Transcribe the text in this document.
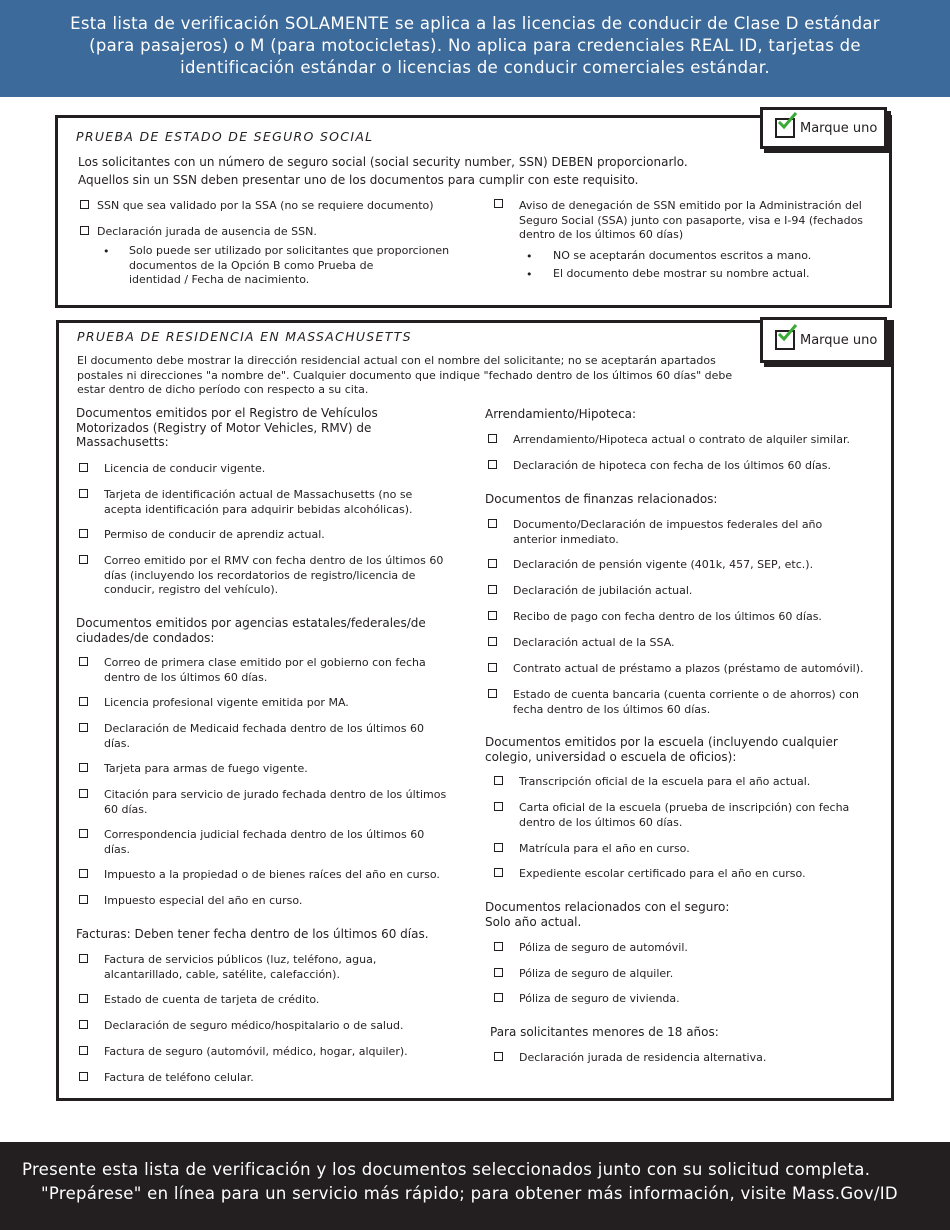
Esta lista de verificación SOLAMENTE se aplica a las licencias de conducir de Clase D estándar
(para pasajeros) o M (para motocicletas). No aplica para credenciales REAL ID, tarjetas de
identificación estándar o licencias de conducir comerciales estándar.
Marque uno
PRUEBA DE ESTADO DE SEGURO SOCIAL
Los solicitantes con un número de seguro social (social security number, SSN) DEBEN proporcionarlo.
Aquellos sin un SSN deben presentar uno de los documentos para cumplir con este requisito.
SSN que sea validado por la SSA (no se requiere documento)
Declaración jurada de ausencia de SSN.
• Solo puede ser utilizado por solicitantes que proporcionen
documentos de la Opción B como Prueba de
identidad / Fecha de nacimiento.
Aviso de denegación de SSN emitido por la Administración del
Seguro Social (SSA) junto con pasaporte, visa e I-94 (fechados
dentro de los últimos 60 días)
• NO se aceptarán documentos escritos a mano.
• El documento debe mostrar su nombre actual.
Marque uno
PRUEBA DE RESIDENCIA EN MASSACHUSETTS
El documento debe mostrar la dirección residencial actual con el nombre del solicitante; no se aceptarán apartados
postales ni direcciones "a nombre de". Cualquier documento que indique "fechado dentro de los últimos 60 días" debe
estar dentro de dicho período con respecto a su cita.
Presente esta lista de verificación y los documentos seleccionados junto con su solicitud completa.
"Prepárese" en línea para un servicio más rápido; para obtener más información, visite Mass.Gov/ID
Documentos emitidos por el Registro de Vehículos
Motorizados (Registry of Motor Vehicles, RMV) de
Massachusetts:
Licencia de conducir vigente.
Tarjeta de identificación actual de Massachusetts (no se
acepta identificación para adquirir bebidas alcohólicas).
Permiso de conducir de aprendiz actual.
Correo emitido por el RMV con fecha dentro de los últimos 60
días (incluyendo los recordatorios de registro/licencia de
conducir, registro del vehículo).
Documentos emitidos por agencias estatales/federales/de
ciudades/de condados:
Correo de primera clase emitido por el gobierno con fecha
dentro de los últimos 60 días.
Licencia profesional vigente emitida por MA.
Declaración de Medicaid fechada dentro de los últimos 60
días.
Tarjeta para armas de fuego vigente.
Citación para servicio de jurado fechada dentro de los últimos
60 días.
Correspondencia judicial fechada dentro de los últimos 60
días.
Impuesto a la propiedad o de bienes raíces del año en curso.
Impuesto especial del año en curso.
Facturas: Deben tener fecha dentro de los últimos 60 días.
Factura de servicios públicos (luz, teléfono, agua,
alcantarillado, cable, satélite, calefacción).
Estado de cuenta de tarjeta de crédito.
Declaración de seguro médico/hospitalario o de salud.
Factura de seguro (automóvil, médico, hogar, alquiler).
Factura de teléfono celular.
Arrendamiento/Hipoteca:
Arrendamiento/Hipoteca actual o contrato de alquiler similar.
Declaración de hipoteca con fecha de los últimos 60 días.
Documentos de finanzas relacionados:
Documento/Declaración de impuestos federales del año
anterior inmediato.
Declaración de pensión vigente (401k, 457, SEP, etc.).
Declaración de jubilación actual.
Recibo de pago con fecha dentro de los últimos 60 días.
Declaración actual de la SSA.
Contrato actual de préstamo a plazos (préstamo de automóvil).
Estado de cuenta bancaria (cuenta corriente o de ahorros) con
fecha dentro de los últimos 60 días.
Documentos emitidos por la escuela (incluyendo cualquier
colegio, universidad o escuela de oficios):
Transcripción oficial de la escuela para el año actual.
Carta oficial de la escuela (prueba de inscripción) con fecha
dentro de los últimos 60 días.
Matrícula para el año en curso.
Expediente escolar certificado para el año en curso.
Documentos relacionados con el seguro:
Solo año actual.
Póliza de seguro de automóvil.
Póliza de seguro de alquiler.
Póliza de seguro de vivienda.
Para solicitantes menores de 18 años:
Declaración jurada de residencia alternativa.
